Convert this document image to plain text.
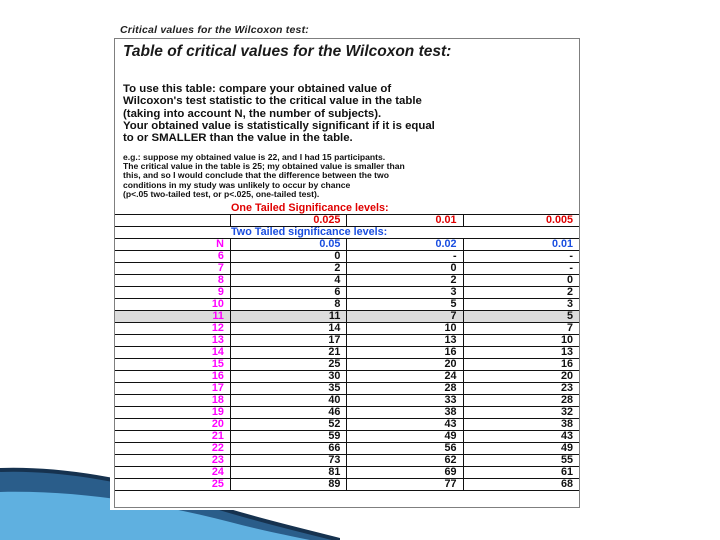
Critical values for the Wilcoxon test:
Table of critical values for the Wilcoxon test:
To use this table: compare your obtained value of
Wilcoxon's test statistic to the critical value in the table
(taking into account N, the number of subjects).
Your obtained value is statistically significant if it is equal
to or SMALLER than the value in the table.
e.g.: suppose my obtained value is 22, and I had 15 participants.
The critical value in the table is 25; my obtained value is smaller than
this, and so I would conclude that the difference between the two
conditions in my study was unlikely to occur by chance
(p<.05 two-tailed test, or p<.025, one-tailed test).
One Tailed Significance levels:			
	0.025	0.01	0.005
Two Tailed significance levels:			
N	0.05	0.02	0.01
6	0	-	-
7	2	0	-
8	4	2	0
9	6	3	2
10	8	5	3
11	11	7	5
12	14	10	7
13	17	13	10
14	21	16	13
15	25	20	16
16	30	24	20
17	35	28	23
18	40	33	28
19	46	38	32
20	52	43	38
21	59	49	43
22	66	56	49
23	73	62	55
24	81	69	61
25	89	77	68
